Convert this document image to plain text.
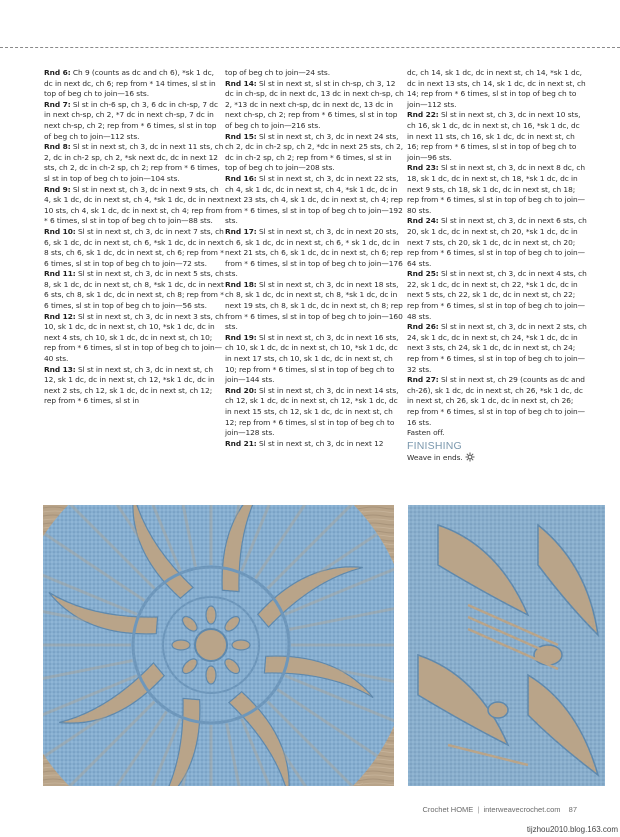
Rnd 6: Ch 9 (counts as dc and ch 6), *sk 1 dc, dc in next dc, ch 6; rep from * 14 times, sl st in top of beg ch to join—16 sts.

Rnd 7: Sl st in ch-6 sp, ch 3, 6 dc in ch-sp, 7 dc in next ch-sp, ch 2, *7 dc in next ch-sp, 7 dc in next ch-sp, ch 2; rep from * 6 times, sl st in top of beg ch to join—112 sts.

Rnd 8: Sl st in next st, ch 3, dc in next 11 sts, ch 2, dc in ch-2 sp, ch 2, *sk next dc, dc in next 12 sts, ch 2, dc in ch-2 sp, ch 2; rep from * 6 times, sl st in top of beg ch to join—104 sts.

Rnd 9: Sl st in next st, ch 3, dc in next 9 sts, ch 4, sk 1 dc, dc in next st, ch 4, *sk 1 dc, dc in next 10 sts, ch 4, sk 1 dc, dc in next st, ch 4; rep from * 6 times, sl st in top of beg ch to join—88 sts.

Rnd 10: Sl st in next st, ch 3, dc in next 7 sts, ch 6, sk 1 dc, dc in next st, ch 6, *sk 1 dc, dc in next 8 sts, ch 6, sk 1 dc, dc in next st, ch 6; rep from * 6 times, sl st in top of beg ch to join—72 sts.

Rnd 11: Sl st in next st, ch 3, dc in next 5 sts, ch 8, sk 1 dc, dc in next st, ch 8, *sk 1 dc, dc in next 6 sts, ch 8, sk 1 dc, dc in next st, ch 8; rep from * 6 times, sl st in top of beg ch to join—56 sts.

Rnd 12: Sl st in next st, ch 3, dc in next 3 sts, ch 10, sk 1 dc, dc in next st, ch 10, *sk 1 dc, dc in next 4 sts, ch 10, sk 1 dc, dc in next st, ch 10; rep from * 6 times, sl st in top of beg ch to join—40 sts.

Rnd 13: Sl st in next st, ch 3, dc in next st, ch 12, sk 1 dc, dc in next st, ch 12, *sk 1 dc, dc in next 2 sts, ch 12, sk 1 dc, dc in next st, ch 12; rep from * 6 times, sl st in

top of beg ch to join—24 sts.

Rnd 14: Sl st in next st, sl st in ch-sp, ch 3, 12 dc in ch-sp, dc in next dc, 13 dc in next ch-sp, ch 2, *13 dc in next ch-sp, dc in next dc, 13 dc in next ch-sp, ch 2; rep from * 6 times, sl st in top of beg ch to join—216 sts.

Rnd 15: Sl st in next st, ch 3, dc in next 24 sts, ch 2, dc in ch-2 sp, ch 2, *dc in next 25 sts, ch 2, dc in ch-2 sp, ch 2; rep from * 6 times, sl st in top of beg ch to join—208 sts.

Rnd 16: Sl st in next st, ch 3, dc in next 22 sts, ch 4, sk 1 dc, dc in next st, ch 4, *sk 1 dc, dc in next 23 sts, ch 4, sk 1 dc, dc in next st, ch 4; rep from * 6 times, sl st in top of beg ch to join—192 sts.

Rnd 17: Sl st in next st, ch 3, dc in next 20 sts, ch 6, sk 1 dc, dc in next st, ch 6, * sk 1 dc, dc in next 21 sts, ch 6, sk 1 dc, dc in next st, ch 6; rep from * 6 times, sl st in top of beg ch to join—176 sts.

Rnd 18: Sl st in next st, ch 3, dc in next 18 sts, ch 8, sk 1 dc, dc in next st, ch 8, *sk 1 dc, dc in next 19 sts, ch 8, sk 1 dc, dc in next st, ch 8; rep from * 6 times, sl st in top of beg ch to join—160 sts.

Rnd 19: Sl st in next st, ch 3, dc in next 16 sts, ch 10, sk 1 dc, dc in next st, ch 10, *sk 1 dc, dc in next 17 sts, ch 10, sk 1 dc, dc in next st, ch 10; rep from * 6 times, sl st in top of beg ch to join—144 sts.

Rnd 20: Sl st in next st, ch 3, dc in next 14 sts, ch 12, sk 1 dc, dc in next st, ch 12, *sk 1 dc, dc in next 15 sts, ch 12, sk 1 dc, dc in next st, ch 12; rep from * 6 times, sl st in top of beg ch to join—128 sts.

Rnd 21: Sl st in next st, ch 3, dc in next 12

dc, ch 14, sk 1 dc, dc in next st, ch 14, *sk 1 dc, dc in next 13 sts, ch 14, sk 1 dc, dc in next st, ch 14; rep from * 6 times, sl st in top of beg ch to join—112 sts.

Rnd 22: Sl st in next st, ch 3, dc in next 10 sts, ch 16, sk 1 dc, dc in next st, ch 16, *sk 1 dc, dc in next 11 sts, ch 16, sk 1 dc, dc in next st, ch 16; rep from * 6 times, sl st in top of beg ch to join—96 sts.

Rnd 23: Sl st in next st, ch 3, dc in next 8 dc, ch 18, sk 1 dc, dc in next st, ch 18, *sk 1 dc, dc in next 9 sts, ch 18, sk 1 dc, dc in next st, ch 18; rep from * 6 times, sl st in top of beg ch to join—80 sts.

Rnd 24: Sl st in next st, ch 3, dc in next 6 sts, ch 20, sk 1 dc, dc in next st, ch 20, *sk 1 dc, dc in next 7 sts, ch 20, sk 1 dc, dc in next st, ch 20; rep from * 6 times, sl st in top of beg ch to join—64 sts.

Rnd 25: Sl st in next st, ch 3, dc in next 4 sts, ch 22, sk 1 dc, dc in next st, ch 22, *sk 1 dc, dc in next 5 sts, ch 22, sk 1 dc, dc in next st, ch 22; rep from * 6 times, sl st in top of beg ch to join—48 sts.

Rnd 26: Sl st in next st, ch 3, dc in next 2 sts, ch 24, sk 1 dc, dc in next st, ch 24, *sk 1 dc, dc in next 3 sts, ch 24, sk 1 dc, dc in next st, ch 24; rep from * 6 times, sl st in top of beg ch to join—32 sts.

Rnd 27: Sl st in next st, ch 29 (counts as dc and ch-26), sk 1 dc, dc in next st, ch 26, *sk 1 dc, dc in next st, ch 26, sk 1 dc, dc in next st, ch 26; rep from * 6 times, sl st in top of beg ch to join—16 sts.

Fasten off.

FINISHING

Weave in ends.

Crochet HOME | interweavecrochet.com 87
tijzhou2010.blog.163.com
